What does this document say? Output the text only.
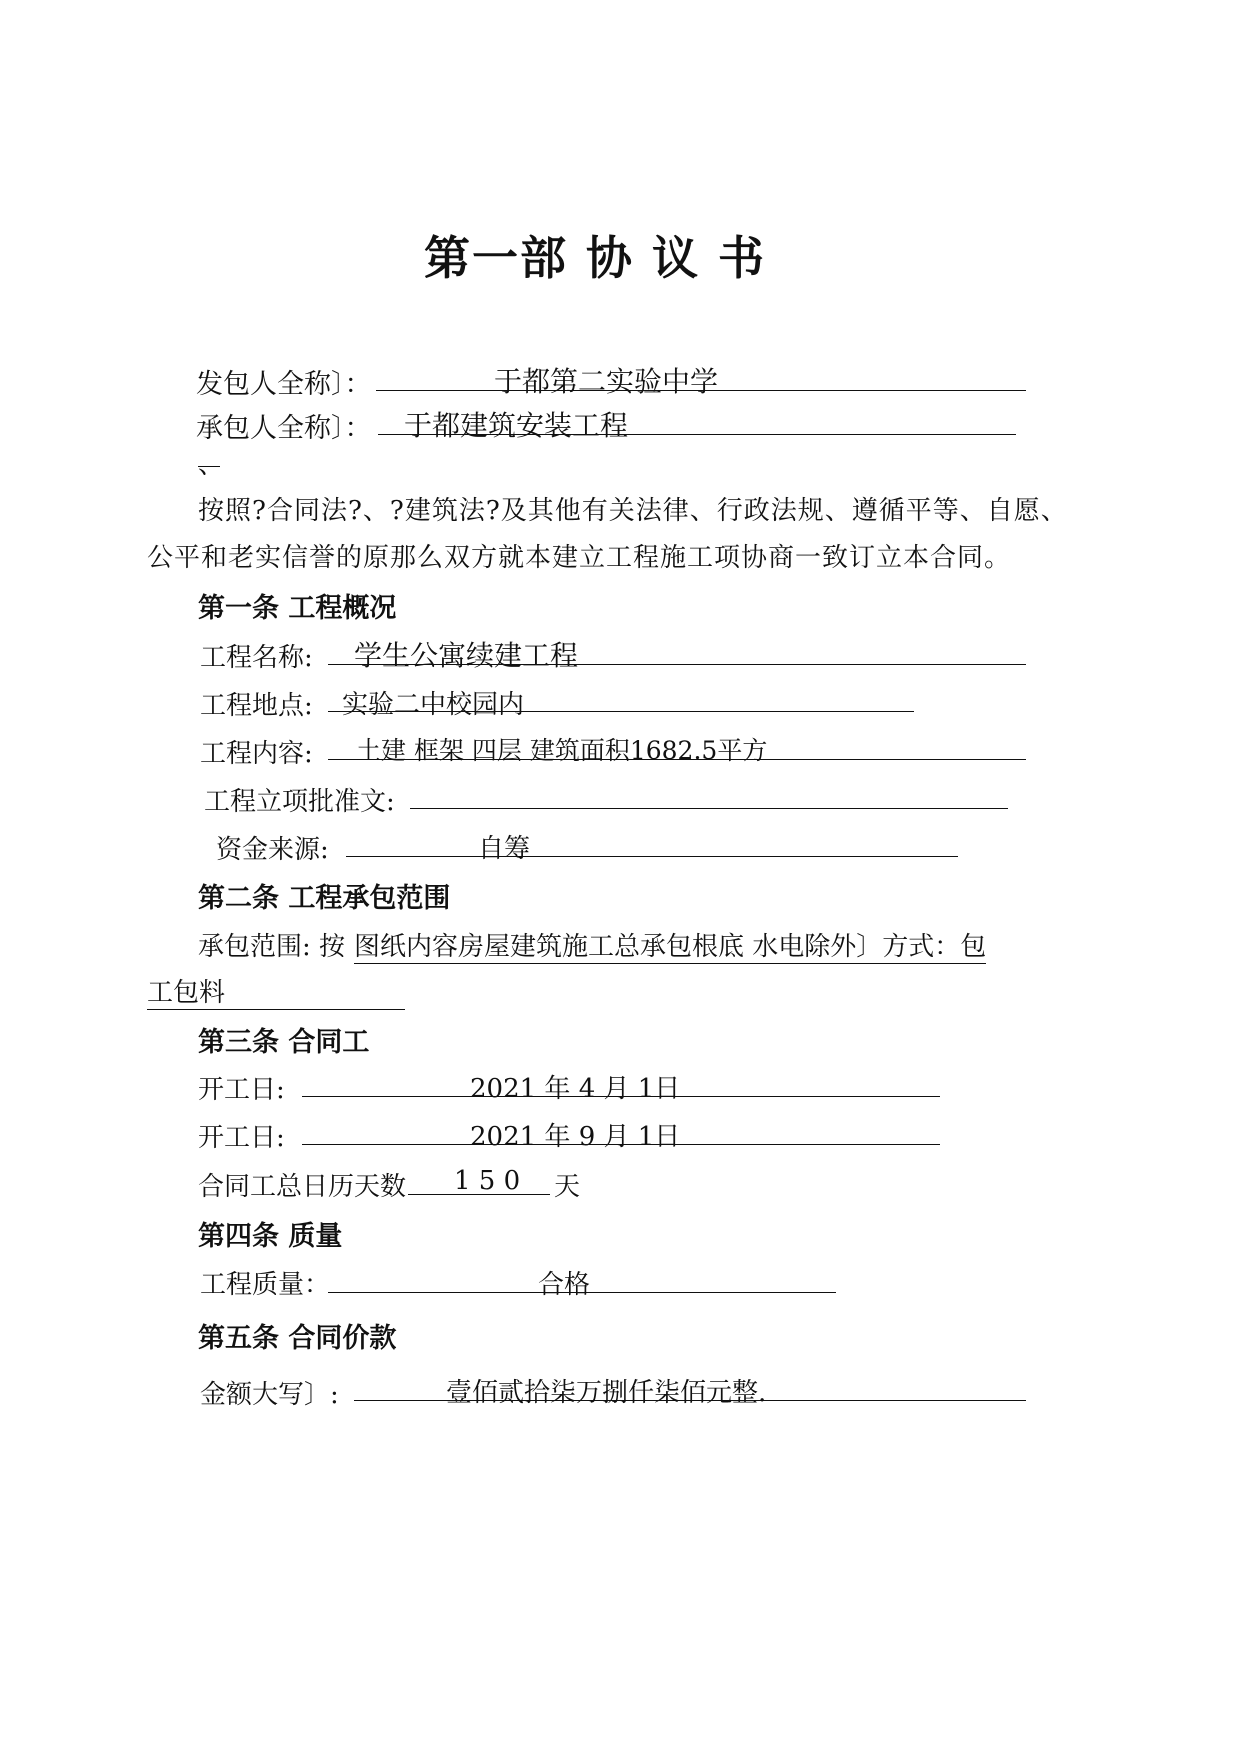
第一部 协 议 书
发包人全称〕：	于都第二实验中学
承包人全称〕： 于都建筑安装工程
、
按照?合同法?、?建筑法?及其他有关法律、行政法规、遵循平等、自愿、
公平和老实信誉的原那么双方就本建立工程施工项协商一致订立本合同。
第一条 工程概况
工程名称: 学生公寓续建工程
工程地点: 实验二中校园内
工程内容: 土建 框架 四层 建筑面积1682.5平方
工程立项批准文:
资金来源:	自筹
第二条 工程承包范围
承包范围: 按 图纸内容房屋建筑施工总承包根底 水电除外〕方式：包
工包料
第三条 合同工
开工日:	2021 年 4 月 1日
开工日:	2021 年 9 月 1日
合同工总日历天数 1 5 0 天
第四条 质量
工程质量：	合格
第五条 合同价款
金额大写〕:	壹佰贰拾柒万捌仟柒佰元整.
